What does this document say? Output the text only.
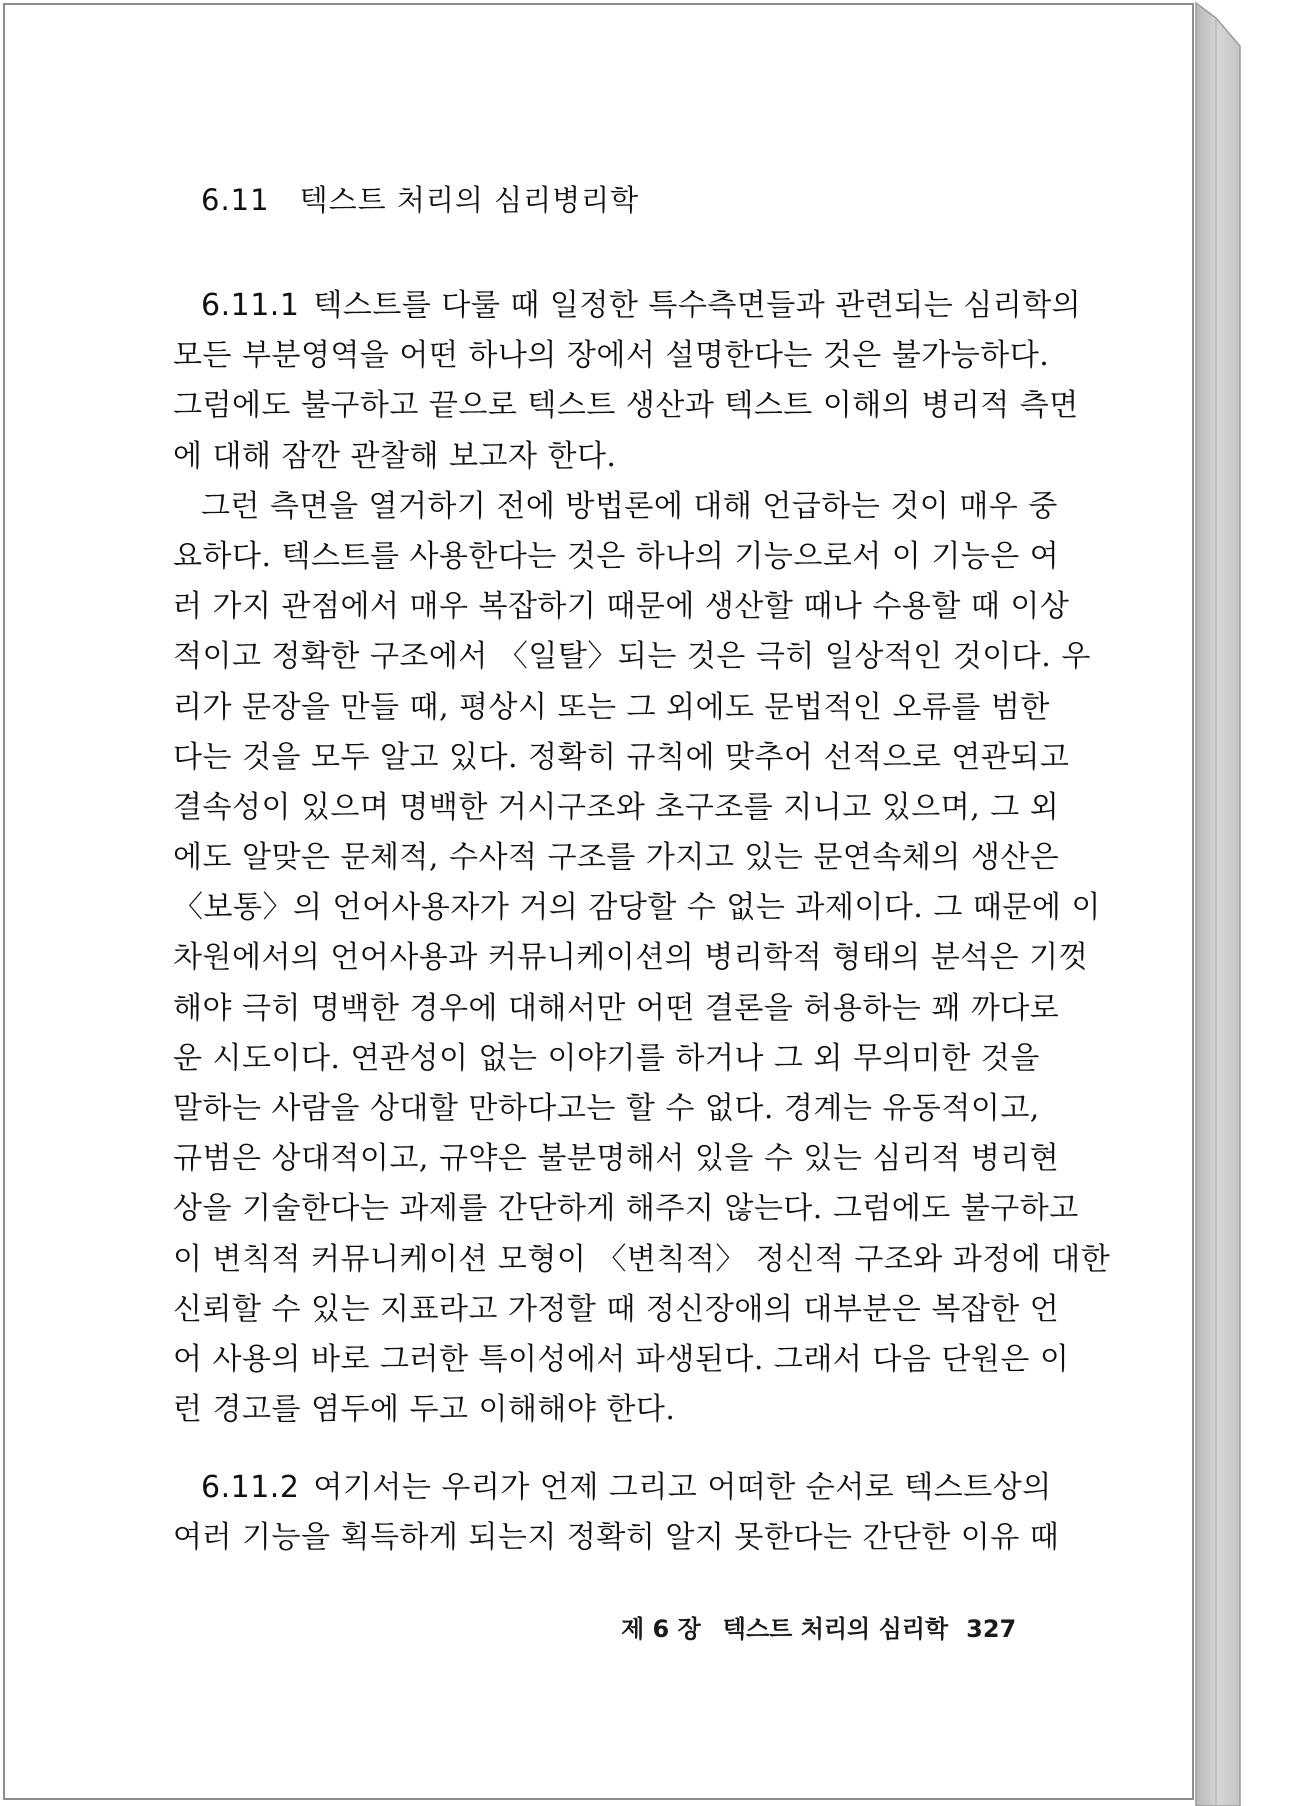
6.11 텍스트 처리의 심리병리학
6.11.1 텍스트를 다룰 때 일정한 특수측면들과 관련되는 심리학의
모든 부분영역을 어떤 하나의 장에서 설명한다는 것은 불가능하다.
그럼에도 불구하고 끝으로 텍스트 생산과 텍스트 이해의 병리적 측면
에 대해 잠깐 관찰해 보고자 한다.
그런 측면을 열거하기 전에 방법론에 대해 언급하는 것이 매우 중
요하다. 텍스트를 사용한다는 것은 하나의 기능으로서 이 기능은 여
러 가지 관점에서 매우 복잡하기 때문에 생산할 때나 수용할 때 이상
적이고 정확한 구조에서 〈일탈〉되는 것은 극히 일상적인 것이다. 우
리가 문장을 만들 때, 평상시 또는 그 외에도 문법적인 오류를 범한
다는 것을 모두 알고 있다. 정확히 규칙에 맞추어 선적으로 연관되고
결속성이 있으며 명백한 거시구조와 초구조를 지니고 있으며, 그 외
에도 알맞은 문체적, 수사적 구조를 가지고 있는 문연속체의 생산은
〈보통〉의 언어사용자가 거의 감당할 수 없는 과제이다. 그 때문에 이
차원에서의 언어사용과 커뮤니케이션의 병리학적 형태의 분석은 기껏
해야 극히 명백한 경우에 대해서만 어떤 결론을 허용하는 꽤 까다로
운 시도이다. 연관성이 없는 이야기를 하거나 그 외 무의미한 것을
말하는 사람을 상대할 만하다고는 할 수 없다. 경계는 유동적이고,
규범은 상대적이고, 규약은 불분명해서 있을 수 있는 심리적 병리현
상을 기술한다는 과제를 간단하게 해주지 않는다. 그럼에도 불구하고
이 변칙적 커뮤니케이션 모형이 〈변칙적〉 정신적 구조와 과정에 대한
신뢰할 수 있는 지표라고 가정할 때 정신장애의 대부분은 복잡한 언
어 사용의 바로 그러한 특이성에서 파생된다. 그래서 다음 단원은 이
런 경고를 염두에 두고 이해해야 한다.
6.11.2 여기서는 우리가 언제 그리고 어떠한 순서로 텍스트상의
여러 기능을 획득하게 되는지 정확히 알지 못한다는 간단한 이유 때
제 6 장 텍스트 처리의 심리학 327
